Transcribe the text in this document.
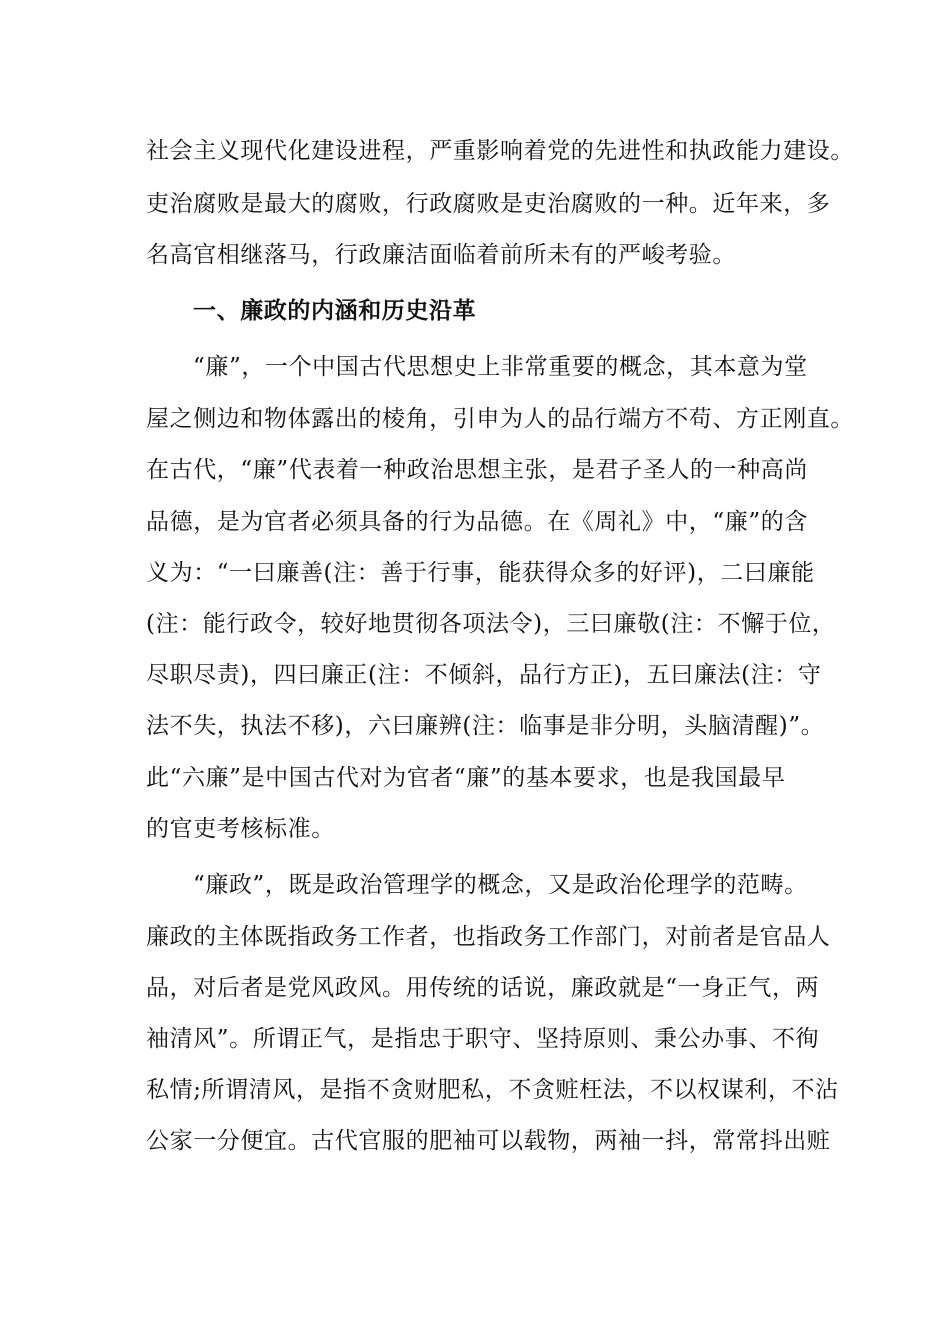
社会主义现代化建设进程，严重影响着党的先进性和执政能力建设。
吏治腐败是最大的腐败，行政腐败是吏治腐败的一种。近年来，多
名高官相继落马，行政廉洁面临着前所未有的严峻考验。
一、廉政的内涵和历史沿革
“廉”，一个中国古代思想史上非常重要的概念，其本意为堂
屋之侧边和物体露出的棱角，引申为人的品行端方不苟、方正刚直。
在古代，“廉”代表着一种政治思想主张，是君子圣人的一种高尚
品德，是为官者必须具备的行为品德。在《周礼》中，“廉”的含
义为：“一曰廉善(注：善于行事，能获得众多的好评)，二曰廉能
(注：能行政令，较好地贯彻各项法令)，三曰廉敬(注：不懈于位，
尽职尽责)，四曰廉正(注：不倾斜，品行方正)，五曰廉法(注：守
法不失，执法不移)，六曰廉辨(注：临事是非分明，头脑清醒)”。
此“六廉”是中国古代对为官者“廉”的基本要求，也是我国最早
的官吏考核标准。
“廉政”，既是政治管理学的概念，又是政治伦理学的范畴。
廉政的主体既指政务工作者，也指政务工作部门，对前者是官品人
品，对后者是党风政风。用传统的话说，廉政就是“一身正气，两
袖清风”。所谓正气，是指忠于职守、坚持原则、秉公办事、不徇
私情;所谓清风，是指不贪财肥私，不贪赃枉法，不以权谋利，不沾
公家一分便宜。古代官服的肥袖可以载物，两袖一抖，常常抖出赃
